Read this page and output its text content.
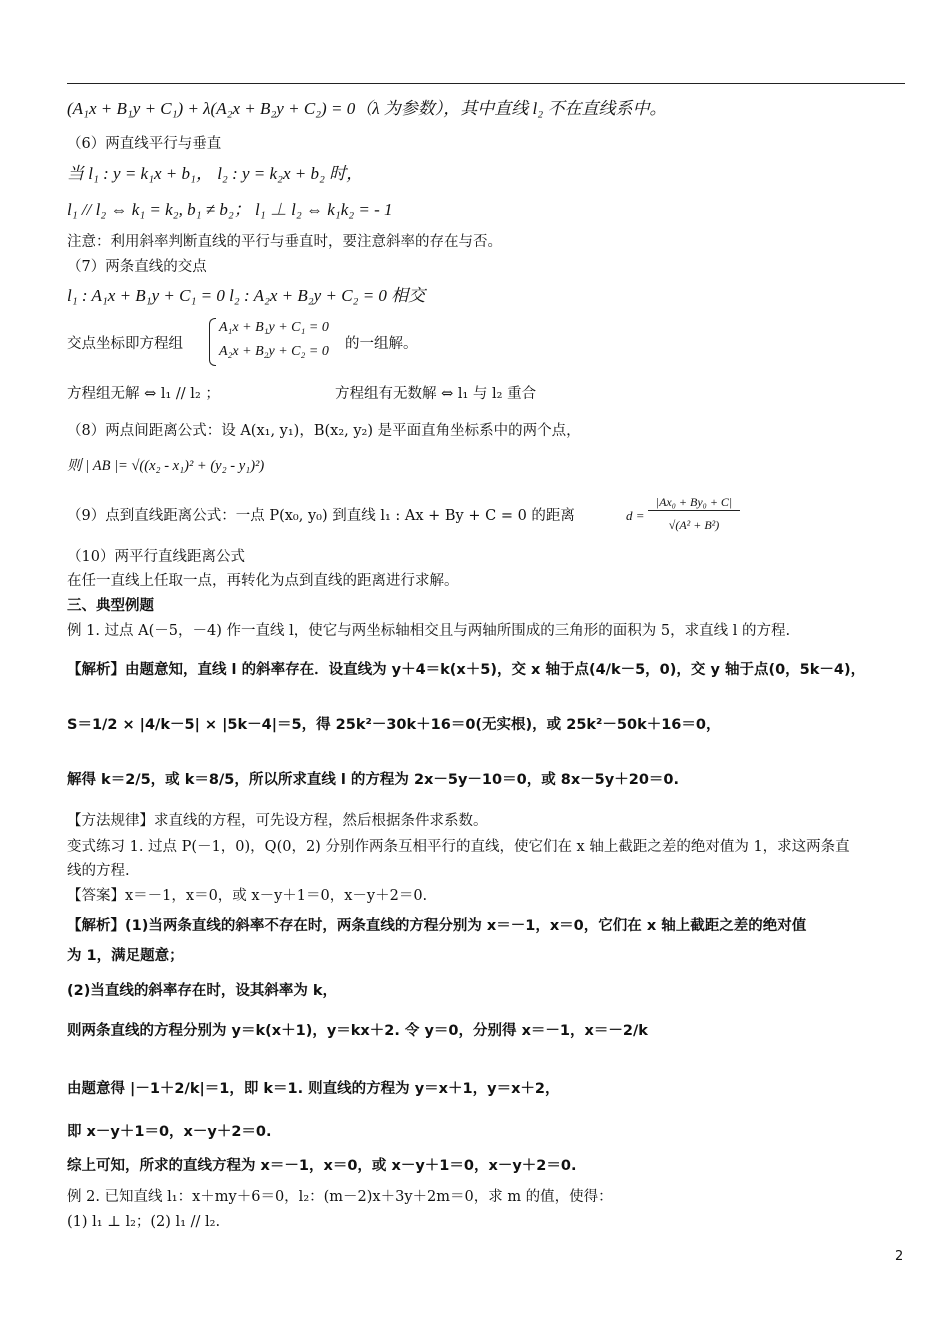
(A₁x + B₁y + C₁) + λ(A₂x + B₂y + C₂) = 0（λ 为参数），其中直线 l₂ 不在直线系中。
（6）两直线平行与垂直
当 l₁ : y = k₁x + b₁， l₂ : y = k₂x + b₂ 时，
l₁ // l₂ ⇔ k₁ = k₂, b₁ ≠ b₂； l₁ ⊥ l₂ ⇔ k₁k₂ = - 1
注意：利用斜率判断直线的平行与垂直时，要注意斜率的存在与否。
（7）两条直线的交点
l₁ : A₁x + B₁y + C₁ = 0 l₂ : A₂x + B₂y + C₂ = 0 相交
交点坐标即方程组
A₁x + B₁y + C₁ = 0
A₂x + B₂y + C₂ = 0 的一组解。
方程组无解 ⇔ l₁ // l₂ ；	方程组有无数解 ⇔ l₁ 与 l₂ 重合
（8）两点间距离公式：设 A(x₁, y₁)，B(x₂, y₂) 是平面直角坐标系中的两个点，
则 | AB |= √((x₂ - x₁)² + (y₂ - y₁)²)
（9）点到直线距离公式：一点 P(x₀, y₀) 到直线 l₁ : Ax + By + C = 0 的距离	d =
|Ax₀ + By₀ + C|
√(A² + B²)
（10）两平行直线距离公式
在任一直线上任取一点，再转化为点到直线的距离进行求解。
三、典型例题
例 1. 过点 A(－5，－4) 作一直线 l，使它与两坐标轴相交且与两轴所围成的三角形的面积为 5，求直线 l 的方程.
【解析】由题意知，直线 l 的斜率存在．设直线为 y＋4＝k(x＋5)，交 x 轴于点(4/k－5，0)，交 y 轴于点(0，5k－4)，
S＝1/2 × |4/k－5| × |5k－4|＝5，得 25k²－30k＋16＝0(无实根)，或 25k²－50k＋16＝0，
解得 k＝2/5，或 k＝8/5，所以所求直线 l 的方程为 2x－5y－10＝0，或 8x－5y＋20＝0.
【方法规律】求直线的方程，可先设方程，然后根据条件求系数。
变式练习 1. 过点 P(－1，0)，Q(0，2) 分别作两条互相平行的直线，使它们在 x 轴上截距之差的绝对值为 1，求这两条直
线的方程.
【答案】x＝－1，x＝0，或 x－y＋1＝0，x－y＋2＝0.
【解析】(1)当两条直线的斜率不存在时，两条直线的方程分别为 x＝－1，x＝0，它们在 x 轴上截距之差的绝对值
为 1，满足题意；
(2)当直线的斜率存在时，设其斜率为 k，
则两条直线的方程分别为 y＝k(x＋1)，y＝kx＋2. 令 y＝0，分别得 x＝－1，x＝－2/k
由题意得 |－1＋2/k|＝1，即 k＝1. 则直线的方程为 y＝x＋1，y＝x＋2，
即 x－y＋1＝0，x－y＋2＝0.
综上可知，所求的直线方程为 x＝－1，x＝0，或 x－y＋1＝0，x－y＋2＝0.
例 2. 已知直线 l₁：x＋my＋6＝0，l₂：(m－2)x＋3y＋2m＝0，求 m 的值，使得：
(1) l₁ ⊥ l₂；(2) l₁ // l₂.
2
